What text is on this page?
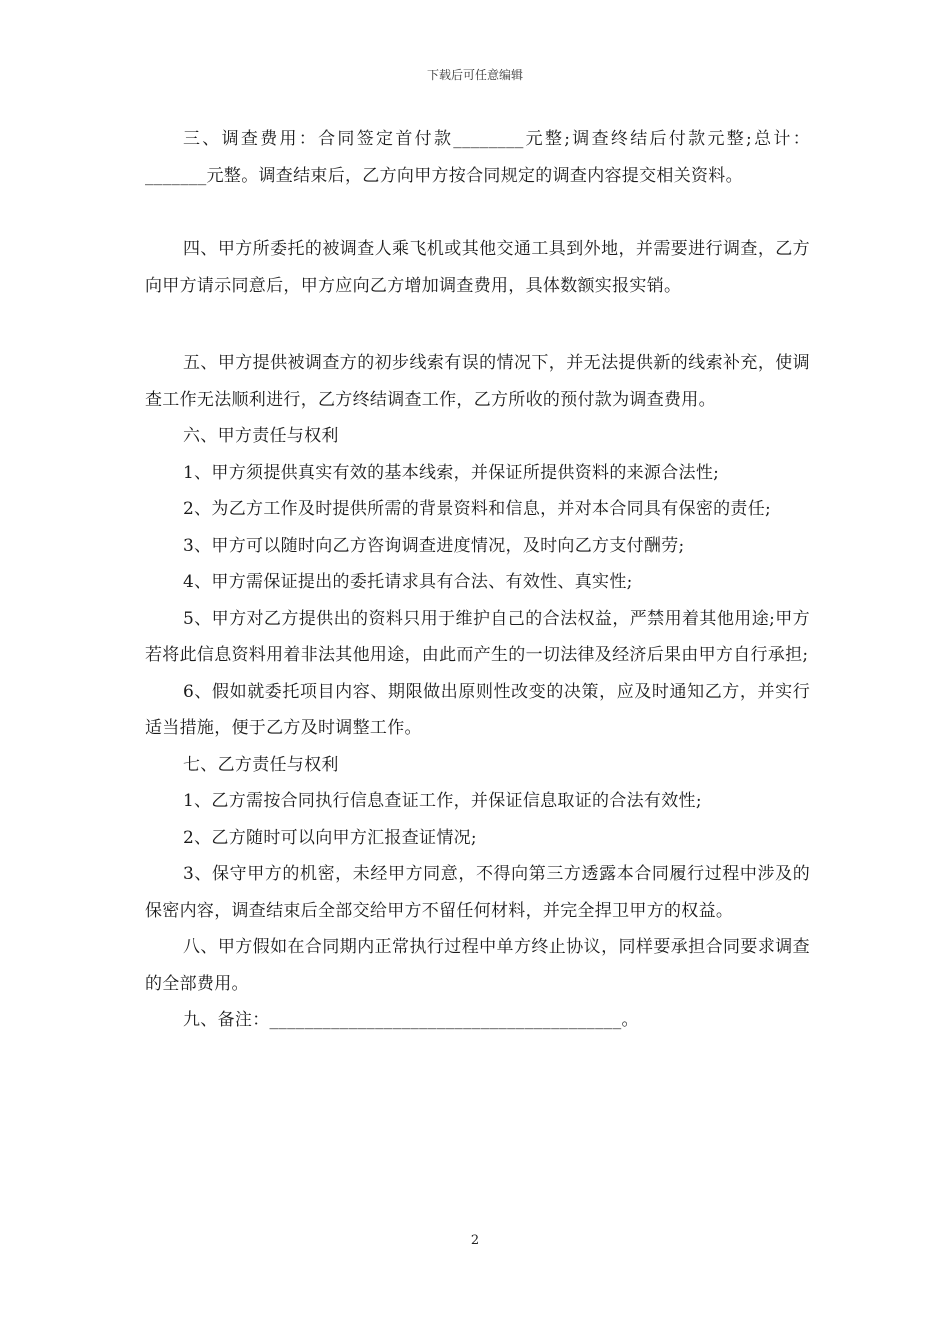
下载后可任意编辑

三、调查费用：合同签定首付款________元整;调查终结后付款元整;总计：_______元整。调查结束后，乙方向甲方按合同规定的调查内容提交相关资料。

四、甲方所委托的被调查人乘飞机或其他交通工具到外地，并需要进行调查，乙方向甲方请示同意后，甲方应向乙方增加调查费用，具体数额实报实销。

五、甲方提供被调查方的初步线索有误的情况下，并无法提供新的线索补充，使调查工作无法顺利进行，乙方终结调查工作，乙方所收的预付款为调查费用。

六、甲方责任与权利

1、甲方须提供真实有效的基本线索，并保证所提供资料的来源合法性;

2、为乙方工作及时提供所需的背景资料和信息，并对本合同具有保密的责任;

3、甲方可以随时向乙方咨询调查进度情况，及时向乙方支付酬劳;

4、甲方需保证提出的委托请求具有合法、有效性、真实性;

5、甲方对乙方提供出的资料只用于维护自己的合法权益，严禁用着其他用途;甲方若将此信息资料用着非法其他用途，由此而产生的一切法律及经济后果由甲方自行承担;

6、假如就委托项目内容、期限做出原则性改变的决策，应及时通知乙方，并实行适当措施，便于乙方及时调整工作。

七、乙方责任与权利

1、乙方需按合同执行信息查证工作，并保证信息取证的合法有效性;

2、乙方随时可以向甲方汇报查证情况;

3、保守甲方的机密，未经甲方同意，不得向第三方透露本合同履行过程中涉及的保密内容，调查结束后全部交给甲方不留任何材料，并完全捍卫甲方的权益。

八、甲方假如在合同期内正常执行过程中单方终止协议，同样要承担合同要求调查的全部费用。

九、备注：________________________________________。

2
